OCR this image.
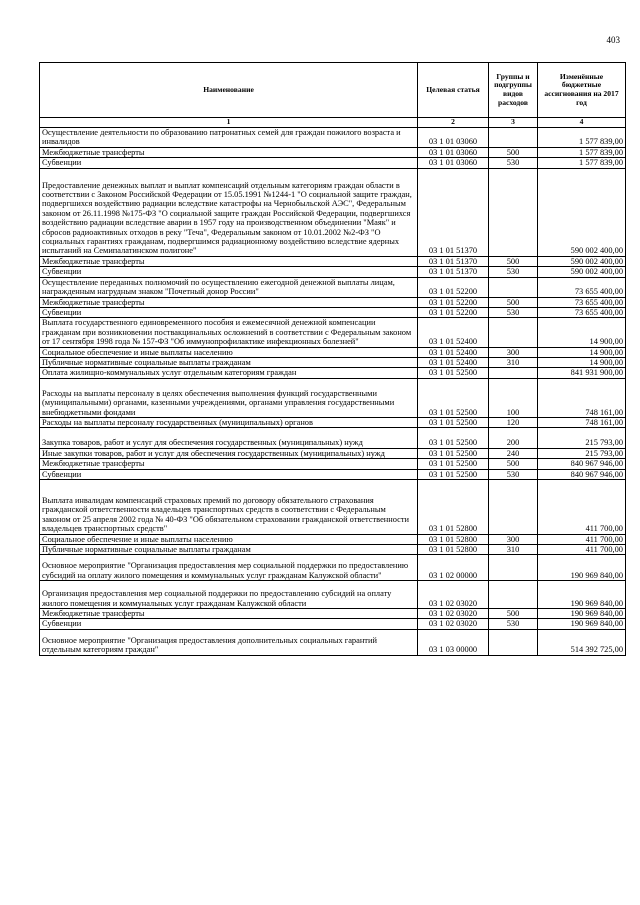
403
Наименование	Целевая статья	Группы и подгруппы видов расходов	Изменённые бюджетные ассигнования на 2017 год
1	2	3	4
Осуществление деятельности по образованию патронатных семей для граждан пожилого возраста и инвалидов	03 1 01 03060		1 577 839,00
Межбюджетные трансферты	03 1 01 03060	500	1 577 839,00
Субвенции	03 1 01 03060	530	1 577 839,00
Предоставление денежных выплат и выплат компенсаций отдельным категориям граждан области в соответствии с Законом Российской Федерации от 15.05.1991 №1244-1 "О социальной защите граждан, подвергшихся воздействию радиации вследствие катастрофы на Чернобыльской АЭС", Федеральным законом от 26.11.1998 №175-ФЗ "О социальной защите граждан Российской Федерации, подвергшихся воздействию радиации вследствие аварии в 1957 году на производственном объединении "Маяк" и сбросов радиоактивных отходов в реку "Теча", Федеральным законом от 10.01.2002 №2-ФЗ "О социальных гарантиях гражданам, подвергшимся радиационному воздействию вследствие ядерных испытаний на Семипалатинском полигоне"	03 1 01 51370		590 002 400,00
Межбюджетные трансферты	03 1 01 51370	500	590 002 400,00
Субвенции	03 1 01 51370	530	590 002 400,00
Осуществление переданных полномочий по осуществлению ежегодной денежной выплаты лицам, награжденным нагрудным знаком "Почетный донор России"	03 1 01 52200		73 655 400,00
Межбюджетные трансферты	03 1 01 52200	500	73 655 400,00
Субвенции	03 1 01 52200	530	73 655 400,00
Выплата государственного единовременного пособия и ежемесячной денежной компенсации гражданам при возникновении поствакцинальных осложнений в соответствии с Федеральным законом от 17 сентября 1998 года № 157-ФЗ "Об иммунопрофилактике инфекционных болезней"	03 1 01 52400		14 900,00
Социальное обеспечение и иные выплаты населению	03 1 01 52400	300	14 900,00
Публичные нормативные социальные выплаты гражданам	03 1 01 52400	310	14 900,00
Оплата жилищно-коммунальных услуг отдельным категориям граждан	03 1 01 52500		841 931 900,00
Расходы на выплаты персоналу в целях обеспечения выполнения функций государственными (муниципальными) органами, казенными учреждениями, органами управления государственными внебюджетными фондами	03 1 01 52500	100	748 161,00
Расходы на выплаты персоналу государственных (муниципальных) органов	03 1 01 52500	120	748 161,00
Закупка товаров, работ и услуг для обеспечения государственных (муниципальных) нужд	03 1 01 52500	200	215 793,00
Иные закупки товаров, работ и услуг для обеспечения государственных (муниципальных) нужд	03 1 01 52500	240	215 793,00
Межбюджетные трансферты	03 1 01 52500	500	840 967 946,00
Субвенции	03 1 01 52500	530	840 967 946,00
Выплата инвалидам компенсаций страховых премий по договору обязательного страхования гражданской ответственности владельцев транспортных средств в соответствии с Федеральным законом от 25 апреля 2002 года № 40-ФЗ "Об обязательном страховании гражданской ответственности владельцев транспортных средств"	03 1 01 52800		411 700,00
Социальное обеспечение и иные выплаты населению	03 1 01 52800	300	411 700,00
Публичные нормативные социальные выплаты гражданам	03 1 01 52800	310	411 700,00
Основное мероприятие "Организация предоставления мер социальной поддержки по предоставлению субсидий на оплату жилого помещения и коммунальных услуг гражданам Калужской области"	03 1 02 00000		190 969 840,00
Организация предоставления мер социальной поддержки по предоставлению субсидий на оплату жилого помещения и коммунальных услуг гражданам Калужской области	03 1 02 03020		190 969 840,00
Межбюджетные трансферты	03 1 02 03020	500	190 969 840,00
Субвенции	03 1 02 03020	530	190 969 840,00
Основное мероприятие "Организация предоставления дополнительных социальных гарантий отдельным категориям граждан"	03 1 03 00000		514 392 725,00
